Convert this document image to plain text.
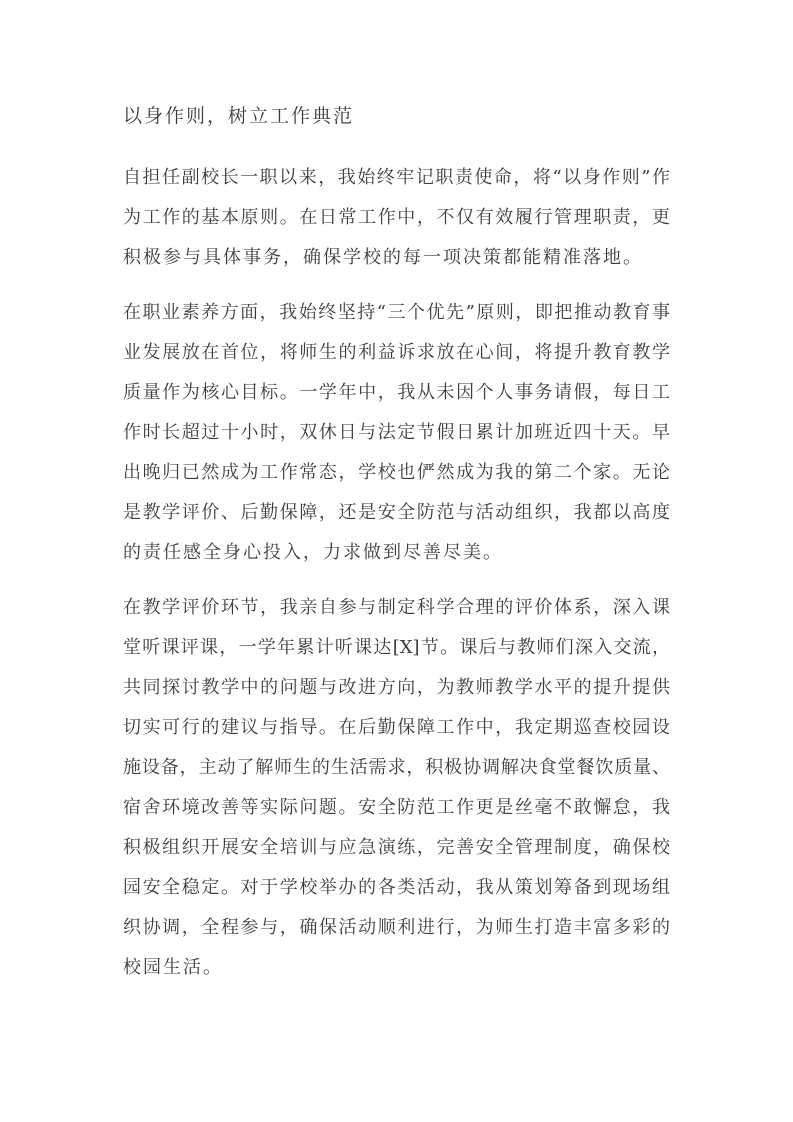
以身作则，树立工作典范
自担任副校长一职以来，我始终牢记职责使命，将“以身作则”作
为工作的基本原则。在日常工作中，不仅有效履行管理职责，更
积极参与具体事务，确保学校的每一项决策都能精准落地。
在职业素养方面，我始终坚持“三个优先”原则，即把推动教育事
业发展放在首位，将师生的利益诉求放在心间，将提升教育教学
质量作为核心目标。一学年中，我从未因个人事务请假，每日工
作时长超过十小时，双休日与法定节假日累计加班近四十天。早
出晚归已然成为工作常态，学校也俨然成为我的第二个家。无论
是教学评价、后勤保障，还是安全防范与活动组织，我都以高度
的责任感全身心投入，力求做到尽善尽美。
在教学评价环节，我亲自参与制定科学合理的评价体系，深入课
堂听课评课，一学年累计听课达[X]节。课后与教师们深入交流，
共同探讨教学中的问题与改进方向，为教师教学水平的提升提供
切实可行的建议与指导。在后勤保障工作中，我定期巡查校园设
施设备，主动了解师生的生活需求，积极协调解决食堂餐饮质量、
宿舍环境改善等实际问题。安全防范工作更是丝毫不敢懈怠，我
积极组织开展安全培训与应急演练，完善安全管理制度，确保校
园安全稳定。对于学校举办的各类活动，我从策划筹备到现场组
织协调，全程参与，确保活动顺利进行，为师生打造丰富多彩的
校园生活。
